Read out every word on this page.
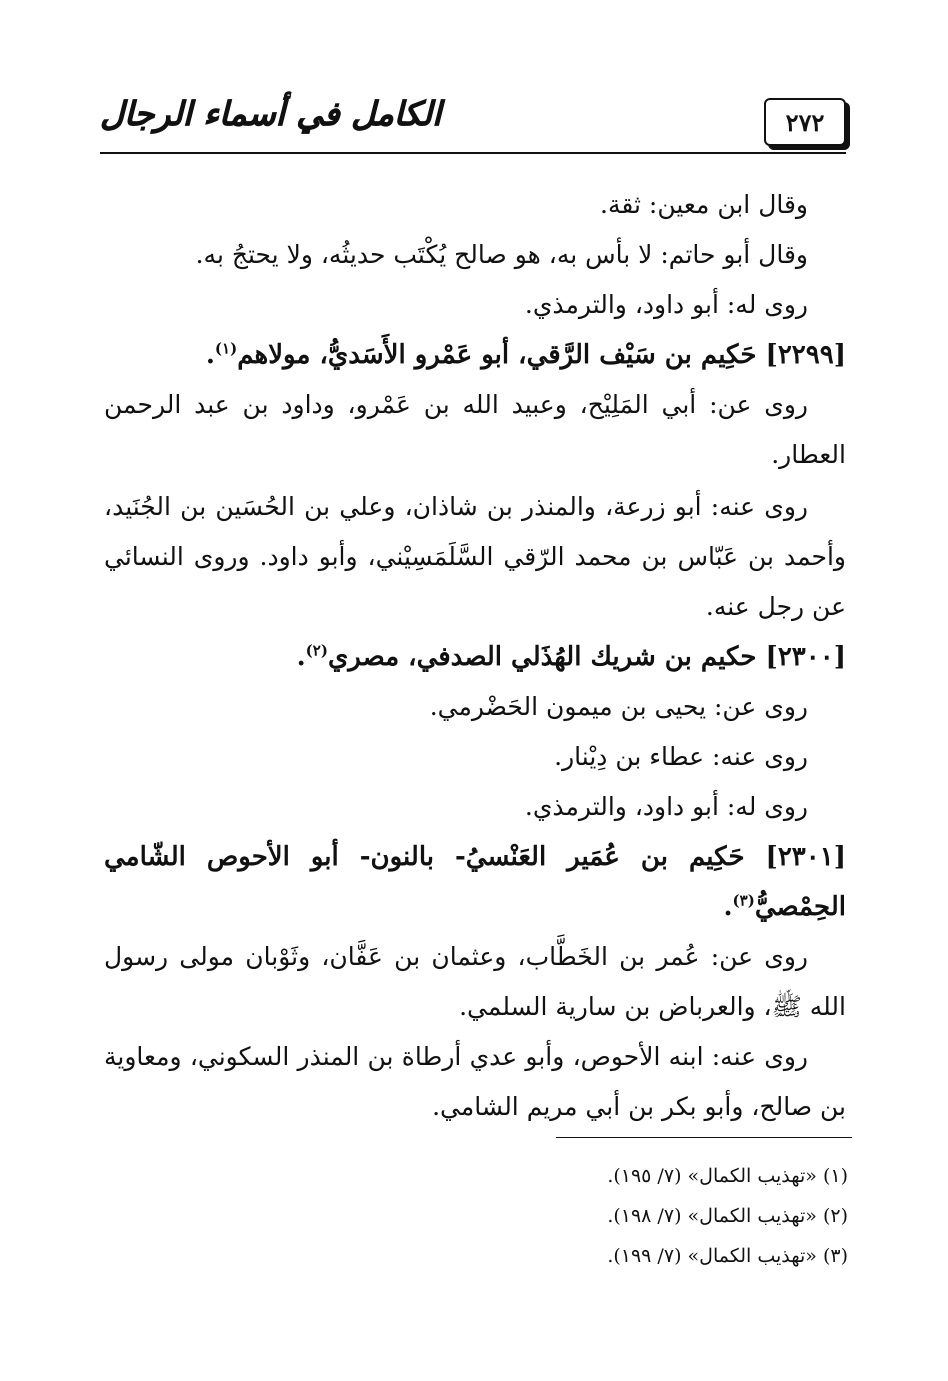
٢٧٢
الكامل في أسماء الرجال

وقال ابن معين: ثقة.

وقال أبو حاتم: لا بأس به، هو صالح يُكْتَب حديثُه، ولا يحتجُ به.

روى له: أبو داود، والترمذي.

[٢٢٩٩] حَكِيم بن سَيْف الرَّقي، أبو عَمْرو الأَسَديُّ، مولاهم$^{(١)}$.

روى عن: أبي المَلِيْح، وعبيد الله بن عَمْرو، وداود بن عبد الرحمن العطار.

روى عنه: أبو زرعة، والمنذر بن شاذان، وعلي بن الحُسَين بن الجُنَيد، وأحمد بن عَبّاس بن محمد الرّقي السَّلَمَسِيْني، وأبو داود. وروى النسائي عن رجل عنه.

[٢٣٠٠] حكيم بن شريك الهُذَلي الصدفي، مصري$^{(٢)}$.

روى عن: يحيى بن ميمون الحَضْرمي.

روى عنه: عطاء بن دِيْنار.

روى له: أبو داود، والترمذي.

[٢٣٠١] حَكِيم بن عُمَير العَنْسيُ- بالنون- أبو الأحوص الشّامي الحِمْصيُّ$^{(٣)}$.

روى عن: عُمر بن الخَطَّاب، وعثمان بن عَفَّان، وثَوْبان مولى رسول الله ﷺ، والعرباض بن سارية السلمي.

روى عنه: ابنه الأحوص، وأبو عدي أرطاة بن المنذر السكوني، ومعاوية بن صالح، وأبو بكر بن أبي مريم الشامي.

(١) «تهذيب الكمال» (٧/ ١٩٥).

(٢) «تهذيب الكمال» (٧/ ١٩٨).

(٣) «تهذيب الكمال» (٧/ ١٩٩).
